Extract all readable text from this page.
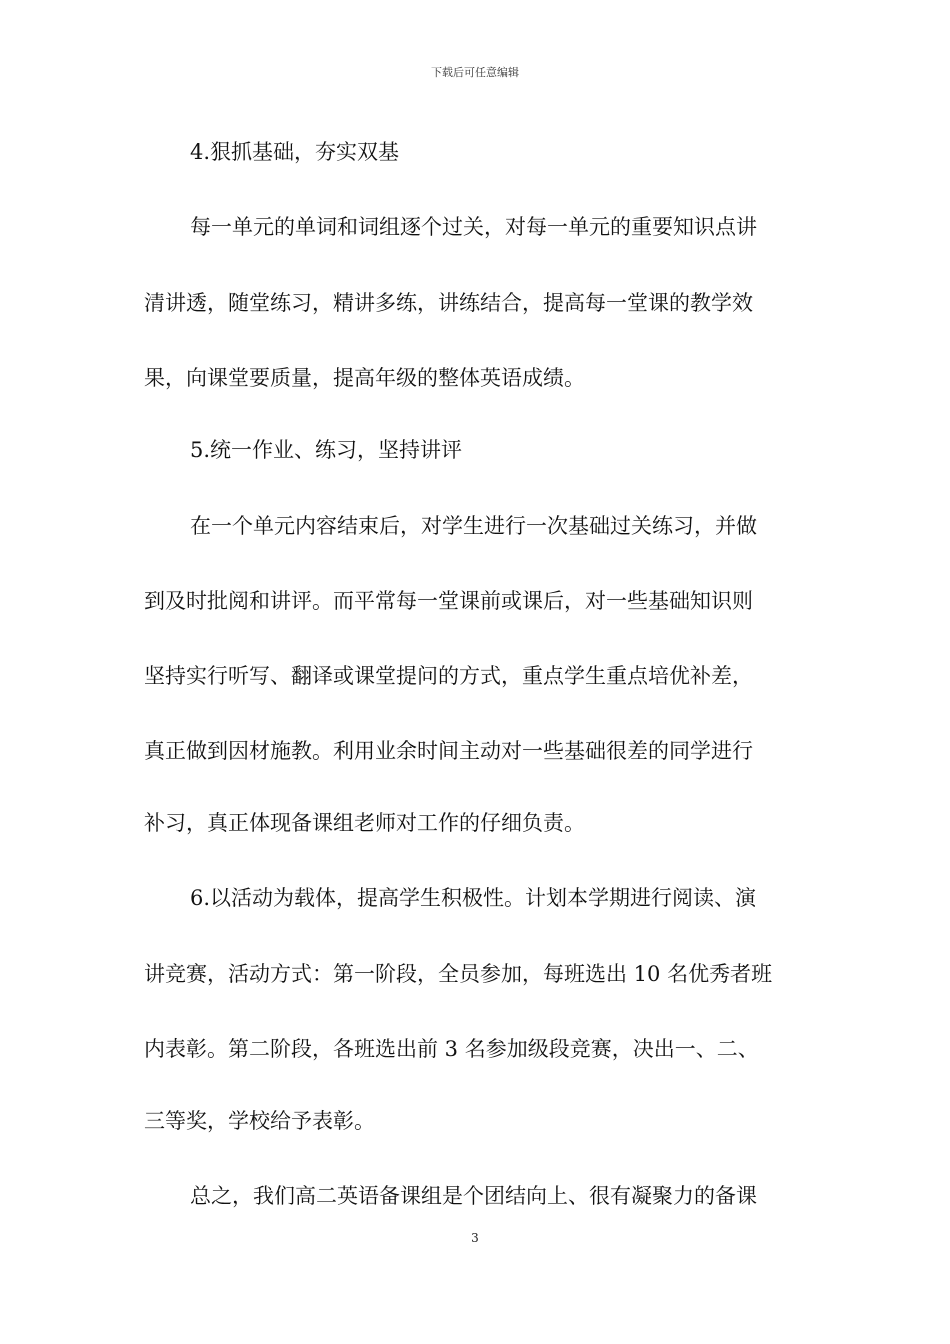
下载后可任意编辑
4.狠抓基础，夯实双基
每一单元的单词和词组逐个过关，对每一单元的重要知识点讲
清讲透，随堂练习，精讲多练，讲练结合，提高每一堂课的教学效
果，向课堂要质量，提高年级的整体英语成绩。
5.统一作业、练习，坚持讲评
在一个单元内容结束后，对学生进行一次基础过关练习，并做
到及时批阅和讲评。而平常每一堂课前或课后，对一些基础知识则
坚持实行听写、翻译或课堂提问的方式，重点学生重点培优补差，
真正做到因材施教。利用业余时间主动对一些基础很差的同学进行
补习，真正体现备课组老师对工作的仔细负责。
6.以活动为载体，提高学生积极性。计划本学期进行阅读、演
讲竞赛，活动方式：第一阶段，全员参加，每班选出 10 名优秀者班
内表彰。第二阶段，各班选出前 3 名参加级段竞赛，决出一、二、
三等奖，学校给予表彰。
总之，我们高二英语备课组是个团结向上、很有凝聚力的备课
3
